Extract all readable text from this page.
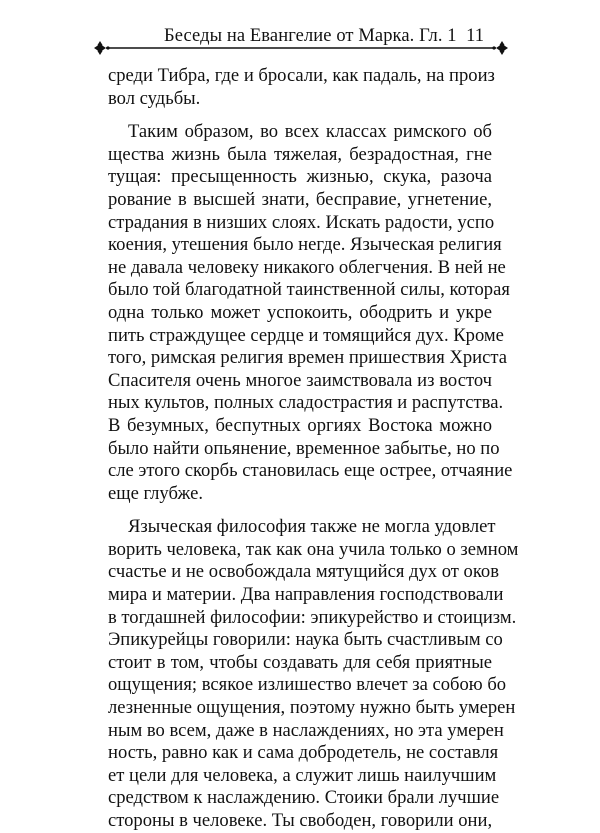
Беседы на Евангелие от Марка. Гл. 1 11
среди Тибра, где и бросали, как падаль, на произ
вол судьбы.
Таким образом, во всех классах римского об
щества жизнь была тяжелая, безрадостная, гне
тущая: пресыщенность жизнью, скука, разоча
рование в высшей знати, бесправие, угнетение,
страдания в низших слоях. Искать радости, успо
коения, утешения было негде. Языческая религия
не давала человеку никакого облегчения. В ней не
было той благодатной таинственной силы, которая
одна только может успокоить, ободрить и укре
пить страждущее сердце и томящийся дух. Кроме
того, римская религия времен пришествия Христа
Спасителя очень многое заимствовала из восточ
ных культов, полных сладострастия и распутства.
В безумных, беспутных оргиях Востока можно
было найти опьянение, временное забытье, но по
сле этого скорбь становилась еще острее, отчаяние
еще глубже.
Языческая философия также не могла удовлет
ворить человека, так как она учила только о земном
счастье и не освобождала мятущийся дух от оков
мира и материи. Два направления господствовали
в тогдашней философии: эпикурейство и стоицизм.
Эпикурейцы говорили: наука быть счастливым со
стоит в том, чтобы создавать для себя приятные
ощущения; всякое излишество влечет за собою бо
лезненные ощущения, поэтому нужно быть умерен
ным во всем, даже в наслаждениях, но эта умерен
ность, равно как и сама добродетель, не составля
ет цели для человека, а служит лишь наилучшим
средством к наслаждению. Стоики брали лучшие
стороны в человеке. Ты свободен, говорили они,
